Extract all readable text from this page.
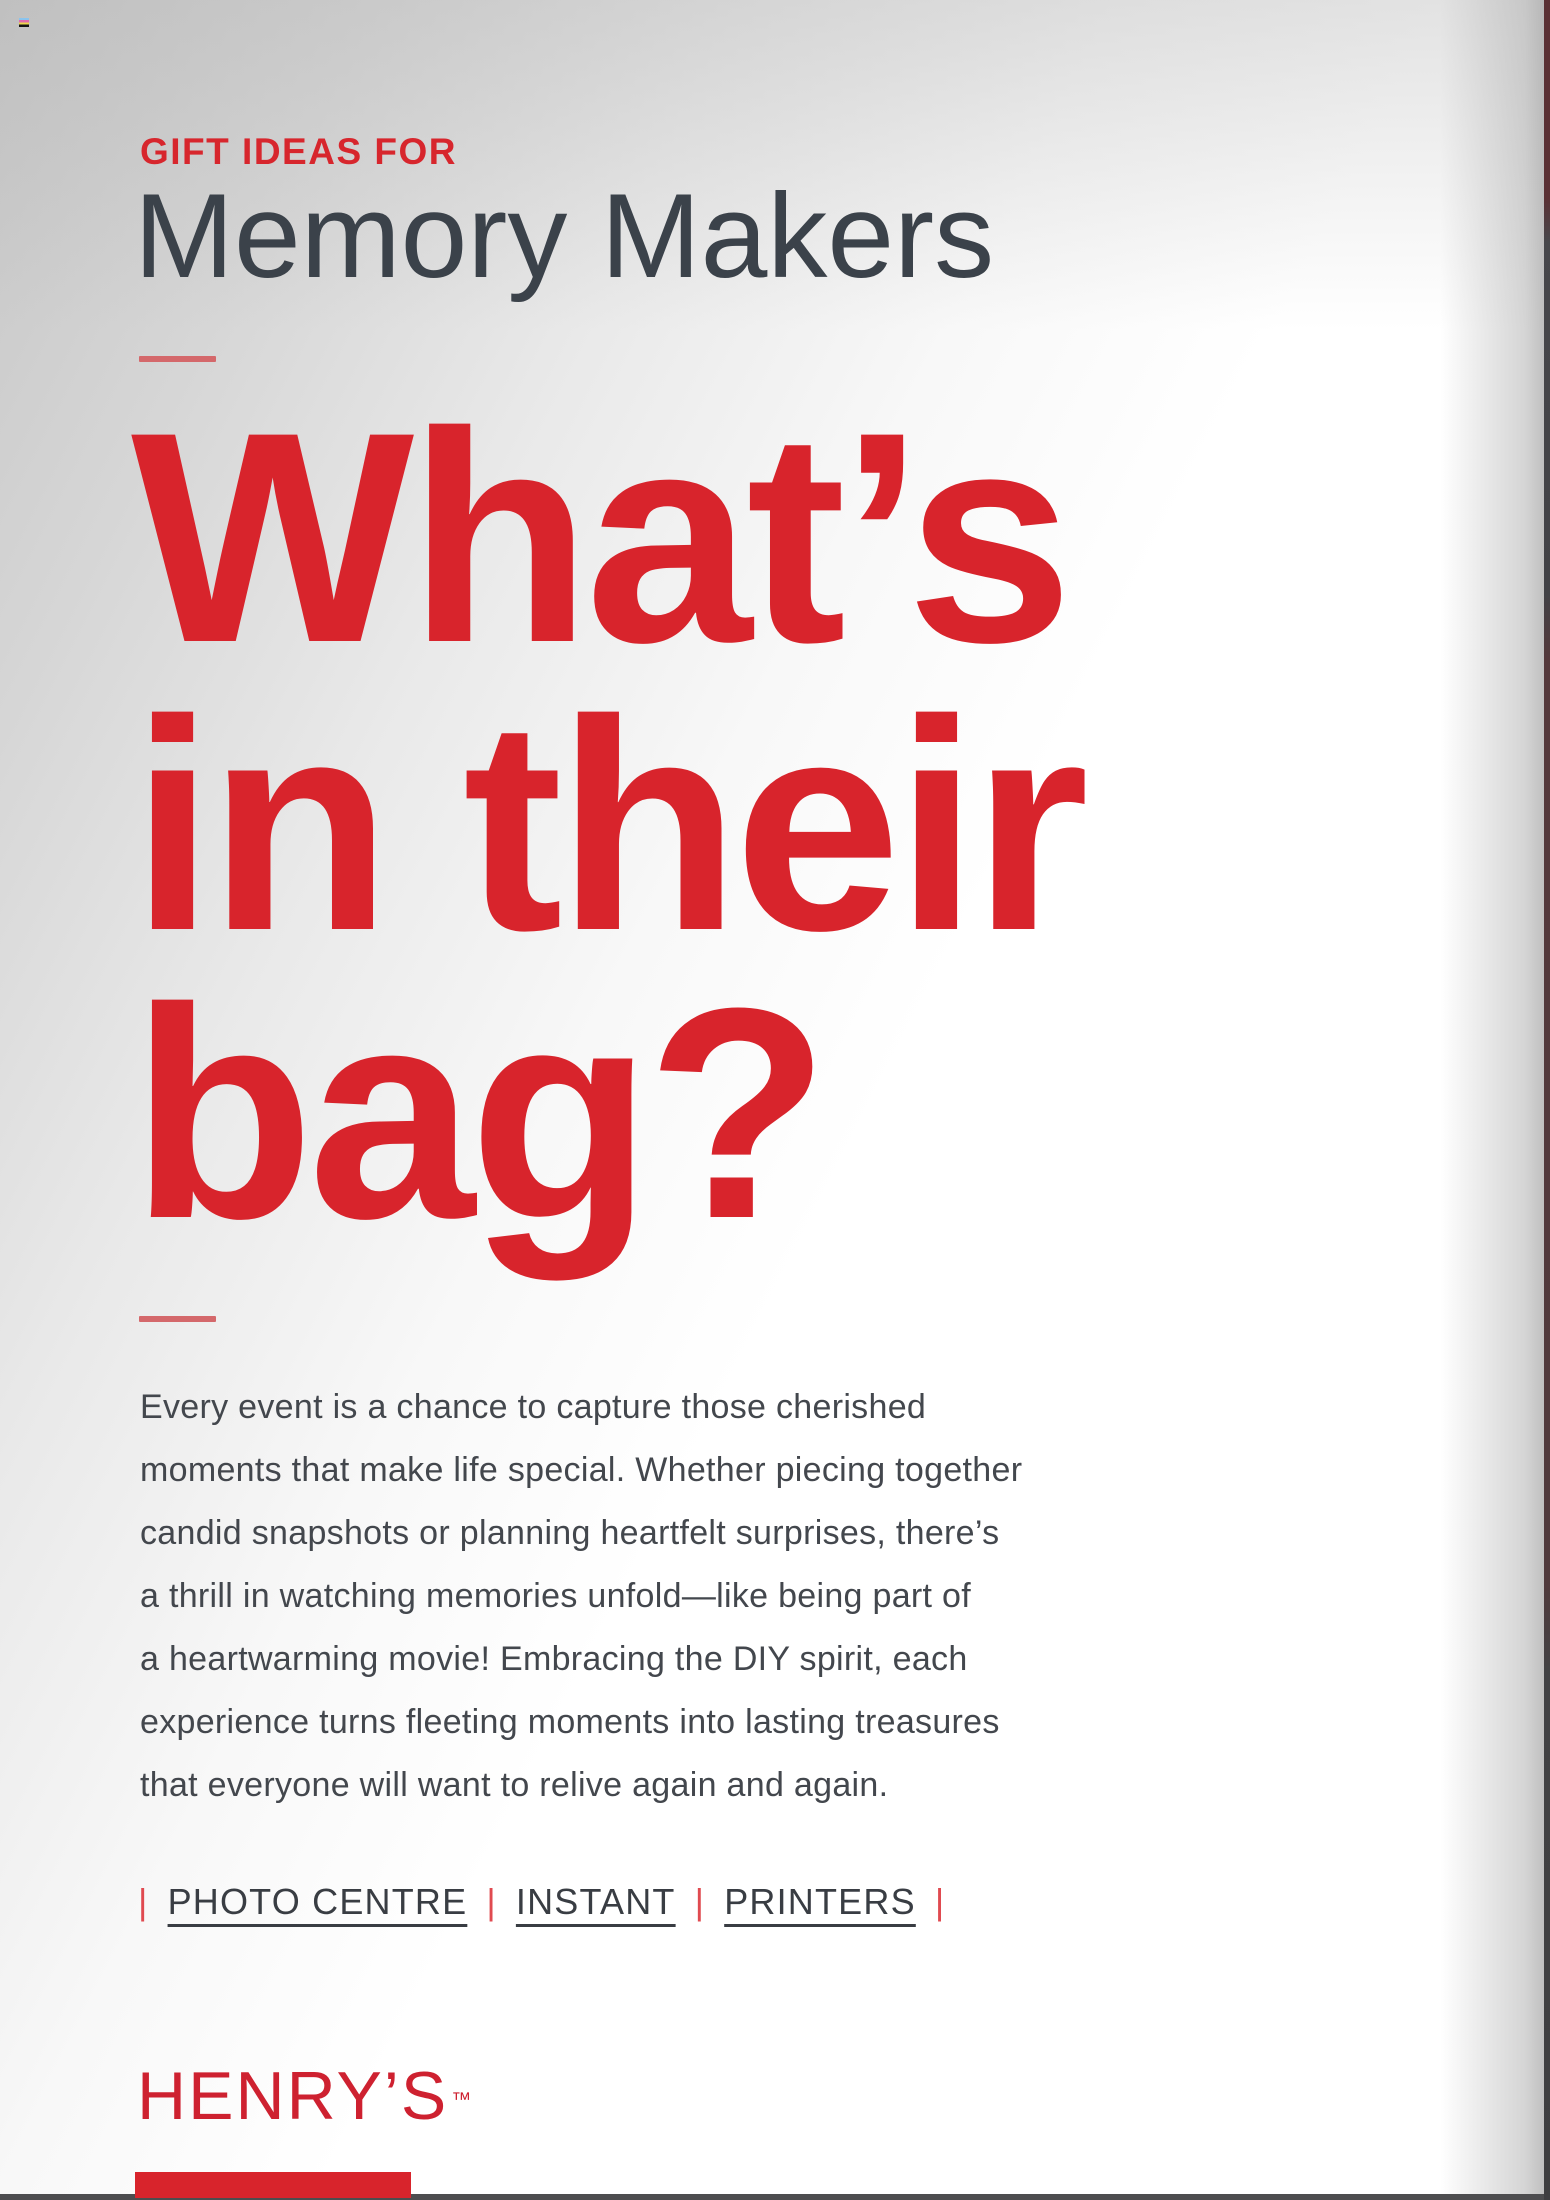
GIFT IDEAS FOR
Memory Makers
What’s
in their
bag?
Every event is a chance to capture those cherished
moments that make life special. Whether piecing together
candid snapshots or planning heartfelt surprises, there’s
a thrill in watching memories unfold—like being part of
a heartwarming movie! Embracing the DIY spirit, each
experience turns fleeting moments into lasting treasures
that everyone will want to relive again and again.
| PHOTO CENTRE | INSTANT | PRINTERS |
HENRY’S ™
